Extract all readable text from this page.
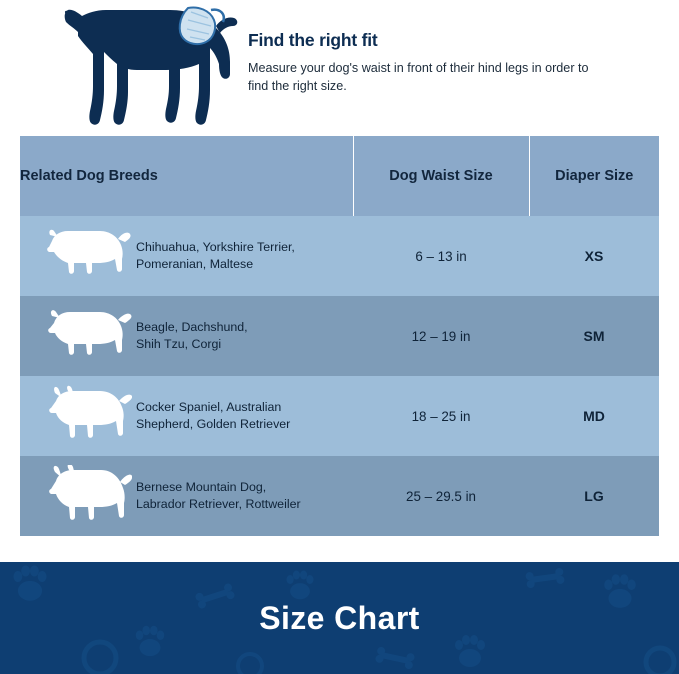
Find the right fit

Measure your dog's waist in front of their hind legs in order to find the right size.

Related Dog Breeds	Dog Waist Size	Diaper Size

Chihuahua, Yorkshire Terrier,
Pomeranian, Maltese	6 – 13 in	XS

Beagle, Dachshund,
Shih Tzu, Corgi	12 – 19 in	SM

Cocker Spaniel, Australian
Shepherd, Golden Retriever	18 – 25 in	MD

Bernese Mountain Dog,
Labrador Retriever, Rottweiler	25 – 29.5 in	LG
Size Chart
